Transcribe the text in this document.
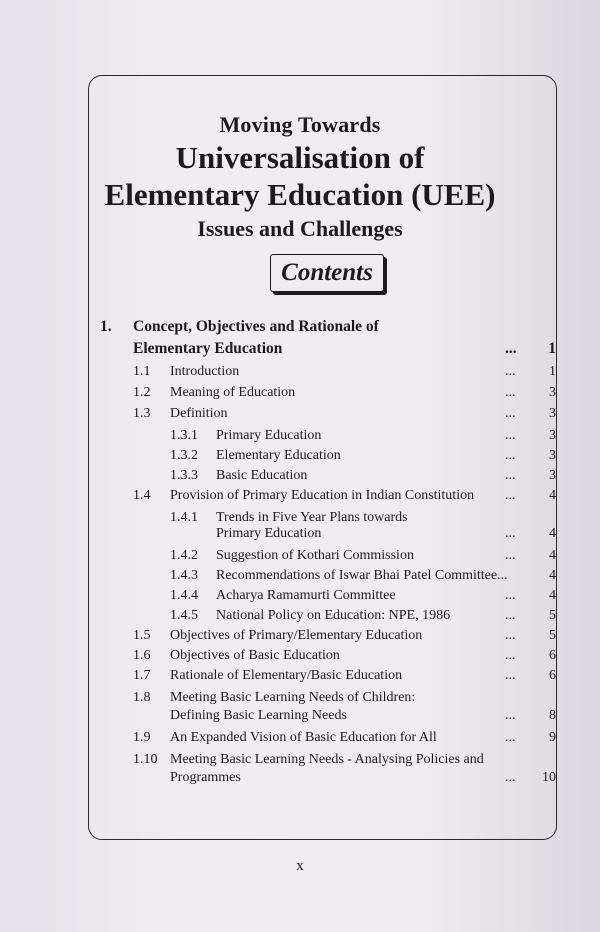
Moving Towards
Universalisation of
Elementary Education (UEE)
Issues and Challenges
Contents
1. Concept, Objectives and Rationale of
Elementary Education	...	1
1.1 Introduction	...	1
1.2 Meaning of Education	...	3
1.3 Definition	...	3
1.3.1 Primary Education	...	3
1.3.2 Elementary Education	...	3
1.3.3 Basic Education	...	3
1.4 Provision of Primary Education in Indian Constitution ...	4
1.4.1 Trends in Five Year Plans towards
Primary Education	...	4
1.4.2 Suggestion of Kothari Commission	...	4
1.4.3 Recommendations of Iswar Bhai Patel Committee...	4
1.4.4 Acharya Ramamurti Committee	...	4
1.4.5 National Policy on Education: NPE, 1986	...	5
1.5 Objectives of Primary/Elementary Education	...	5
1.6 Objectives of Basic Education	...	6
1.7 Rationale of Elementary/Basic Education	...	6
1.8 Meeting Basic Learning Needs of Children:
Defining Basic Learning Needs	...	8
1.9 An Expanded Vision of Basic Education for All	...	9
1.10 Meeting Basic Learning Needs - Analysing Policies and
Programmes	... 10
x
